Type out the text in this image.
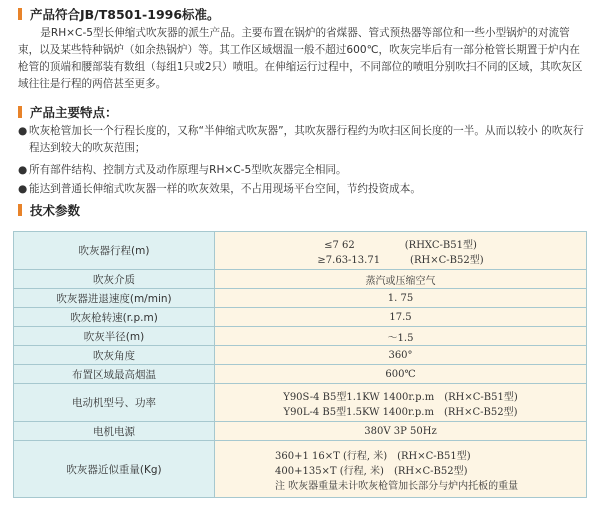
产品符合JB/T8501-1996标准。
是RH×C-5型长伸缩式吹灰器的派生产品。主要布置在锅炉的省煤器、管式预热器等部位和一些小型锅炉的对流管束，以及某些特种锅炉（如余热锅炉）等。其工作区域烟温一般不超过600℃，吹灰完毕后有一部分枪管长期置于炉内在枪管的顶端和腰部装有数组（每组1只或2只）喷咀。在伸缩运行过程中，不同部位的喷咀分别吹扫不同的区域，其吹灰区域往往是行程的两倍甚至更多。
产品主要特点：
● 吹灰枪管加长一个行程长度的，又称“半伸缩式吹灰器”，其吹灰器行程约为吹扫区间长度的一半。从而以较小 的吹灰行程达到较大的吹灰范围；
● 所有部件结构、控制方式及动作原理与RH×C-5型吹灰器完全相同。
● 能达到普通长伸缩式吹灰器一样的吹灰效果，不占用现场平台空间，节约投资成本。
技术参数
吹灰器行程(m)	≤7 62　　　　　(RHXC-B51型)
≥7.63-13.71　　　(RH×C-B52型)

吹灰介质	蒸汽或压缩空气
吹灰器进退速度(m/min)	1. 75
吹灰枪转速(r.p.m)	17.5
吹灰半径(m)	～1.5
吹灰角度	360°
布置区域最高烟温	600℃
电动机型号、功率	Y90S-4 B5型1.1KW 1400r.p.m　(RH×C-B51型)
Y90L-4 B5型1.5KW 1400r.p.m　(RH×C-B52型)

电机电源	380V 3P 50Hz
吹灰器近似重量(Kg)	360+1 16×T (行程, 米)　(RH×C-B51型)
400+135×T (行程, 米)　(RH×C-B52型)
注 吹灰器重量未计吹灰枪管加长部分与炉内托板的重量
